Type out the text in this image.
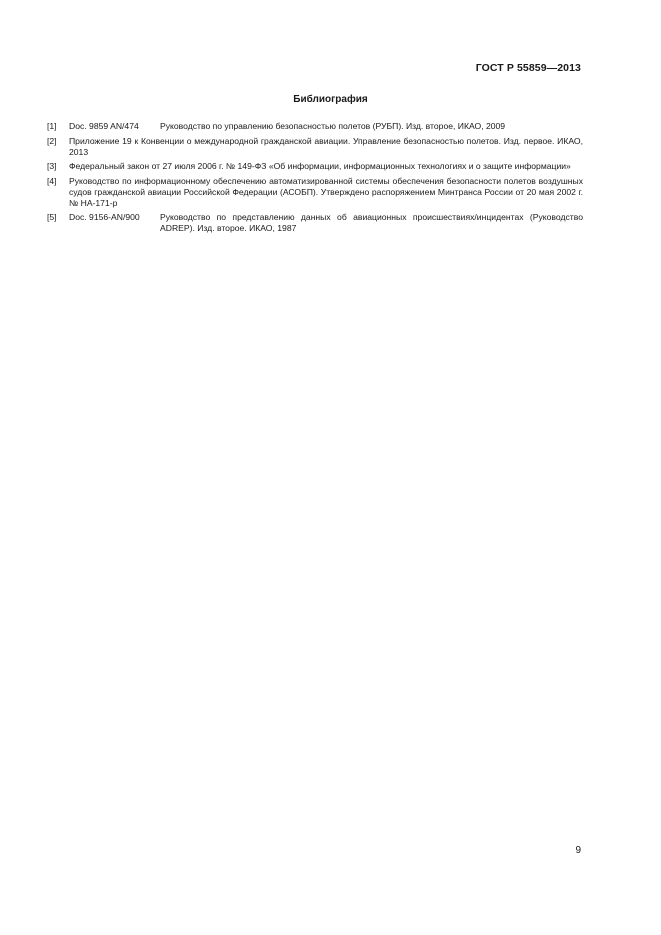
ГОСТ Р 55859—2013
Библиография
[1]	Doc. 9859 AN/474	Руководство по управлению безопасностью полетов (РУБП). Изд. второе, ИКАО, 2009
[2]	Приложение 19 к Конвенции о международной гражданской авиации. Управление безопасностью полетов. Изд. первое. ИКАО, 2013
[3]	Федеральный закон от 27 июля 2006 г. № 149-ФЗ «Об информации, информационных технологиях и о защите информации»
[4]	Руководство по информационному обеспечению автоматизированной системы обеспечения безопасности полетов воздушных судов гражданской авиации Российской Федерации (АСОБП). Утверждено распоряжением Минтранса России от 20 мая 2002 г. № НА-171-р
[5]	Doc. 9156-AN/900	Руководство по представлению данных об авиационных происшествиях/инцидентах (Руководство ADREP). Изд. второе. ИКАО, 1987
9
